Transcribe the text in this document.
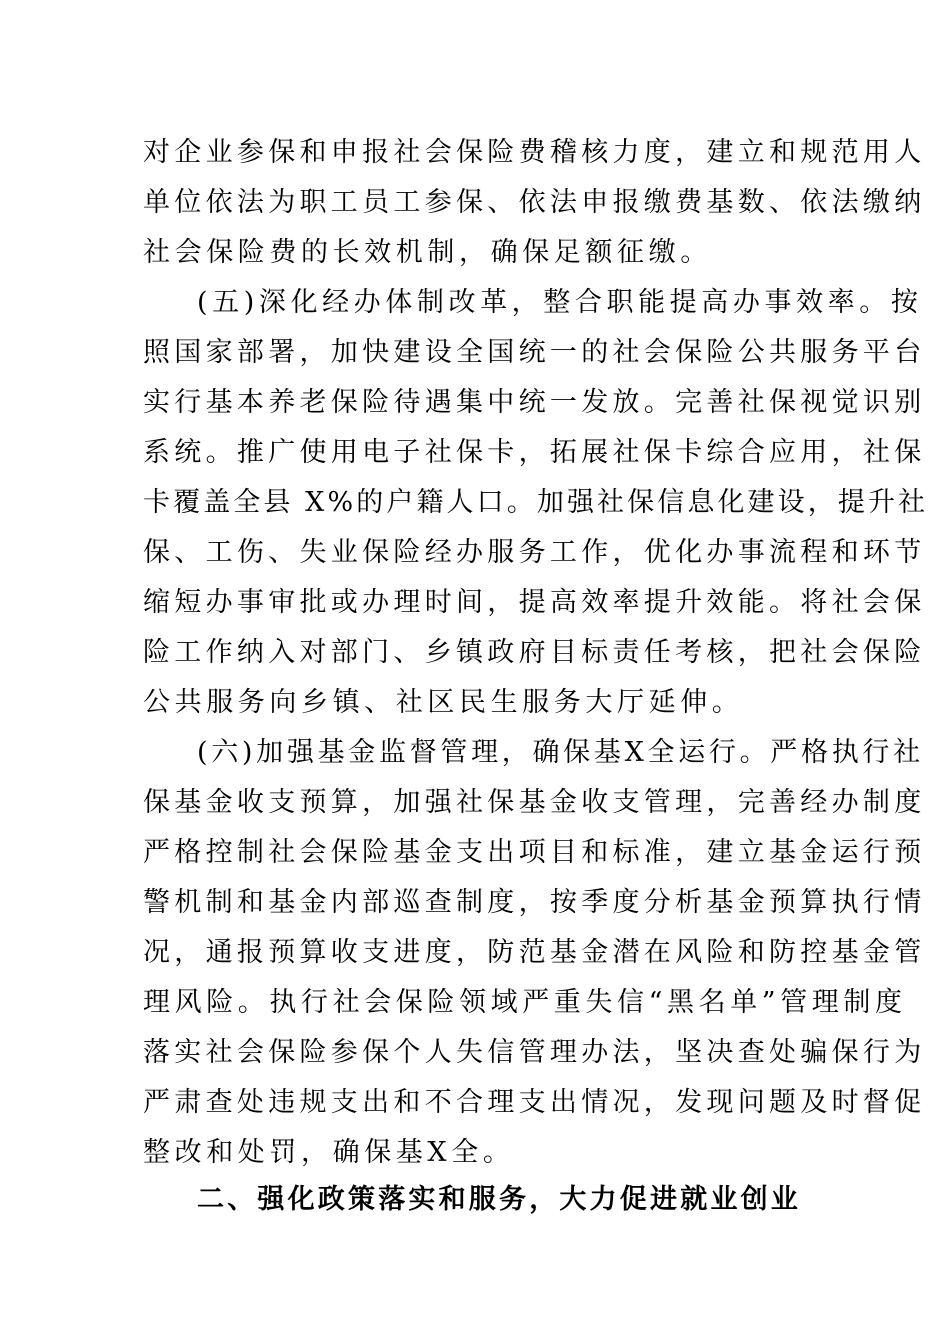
对企业参保和申报社会保险费稽核力度，建立和规范用人
单位依法为职工员工参保、依法申报缴费基数、依法缴纳
社会保险费的长效机制，确保足额征缴。
(五)深化经办体制改革，整合职能提高办事效率。按
照国家部署，加快建设全国统一的社会保险公共服务平台
实行基本养老保险待遇集中统一发放。完善社保视觉识别
系统。推广使用电子社保卡，拓展社保卡综合应用，社保
卡覆盖全县 X%的户籍人口。加强社保信息化建设，提升社
保、工伤、失业保险经办服务工作，优化办事流程和环节
缩短办事审批或办理时间，提高效率提升效能。将社会保
险工作纳入对部门、乡镇政府目标责任考核，把社会保险
公共服务向乡镇、社区民生服务大厅延伸。
(六)加强基金监督管理，确保基X全运行。严格执行社
保基金收支预算，加强社保基金收支管理，完善经办制度
严格控制社会保险基金支出项目和标准，建立基金运行预
警机制和基金内部巡查制度，按季度分析基金预算执行情
况，通报预算收支进度，防范基金潜在风险和防控基金管
理风险。执行社会保险领域严重失信“黑名单”管理制度
落实社会保险参保个人失信管理办法，坚决查处骗保行为
严肃查处违规支出和不合理支出情况，发现问题及时督促
整改和处罚，确保基X全。
二、强化政策落实和服务，大力促进就业创业
